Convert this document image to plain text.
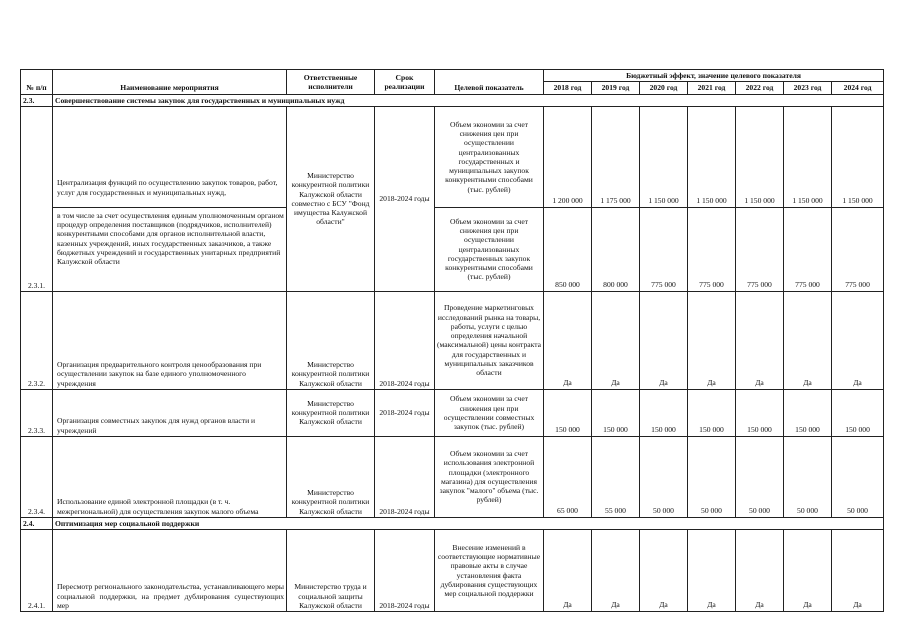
№ п/п	Наименование мероприятия	Ответственные исполнители	Срок реализации	Целевой показатель	Бюджетный эффект, значение целевого показателя						
					2018 год	2019 год	2020 год	2021 год	2022 год	2023 год	2024 год
2.3.	Совершенствование системы закупок для государственных и муниципальных нужд										
2.3.1.	Централизация функций по осуществлению закупок товаров, работ, услуг для государственных и муниципальных нужд,	Министерство конкурентной политики Калужской области совместно с БСУ "Фонд имущества Калужской области"	2018-2024 годы	Объем экономии за счет снижения цен при осуществлении централизованных государственных и муниципальных закупок конкурентными способами (тыс. рублей)	1 200 000	1 175 000	1 150 000	1 150 000	1 150 000	1 150 000	1 150 000
	в том числе за счет осуществления единым уполномоченным органом процедур определения поставщиков (подрядчиков, исполнителей) конкурентными способами для органов исполнительной власти, казенных учреждений, иных государственных заказчиков, а также бюджетных учреждений и государственных унитарных предприятий Калужской области			Объем экономии за счет снижения цен при осуществлении централизованных государственных закупок конкурентными способами (тыс. рублей)	850 000	800 000	775 000	775 000	775 000	775 000	775 000
2.3.2.	Организация предварительного контроля ценообразования при осуществлении закупок на базе единого уполномоченного учреждения	Министерство конкурентной политики Калужской области	2018-2024 годы	Проведение маркетинговых исследований рынка на товары, работы, услуги с целью определения начальной (максимальной) цены контракта для государственных и муниципальных заказчиков области	Да	Да	Да	Да	Да	Да	Да
2.3.3.	Организация совместных закупок для нужд органов власти и учреждений	Министерство конкурентной политики Калужской области	2018-2024 годы	Объем экономии за счет снижения цен при осуществлении совместных закупок (тыс. рублей)	150 000	150 000	150 000	150 000	150 000	150 000	150 000
2.3.4.	Использование единой электронной площадки (в т. ч. межрегиональной) для осуществления закупок малого объема	Министерство конкурентной политики Калужской области	2018-2024 годы	Объем экономии за счет использования электронной площадки (электронного магазина) для осуществления закупок "малого" объема (тыс. рублей)	65 000	55 000	50 000	50 000	50 000	50 000	50 000
2.4.	Оптимизация мер социальной поддержки										
2.4.1.	Пересмотр регионального законодательства, устанавливающего меры социальной поддержки, на предмет дублирования существующих мер	Министерство труда и социальной защиты Калужской области	2018-2024 годы	Внесение изменений в соответствующие нормативные правовые акты в случае установления факта дублирования существующих мер социальной поддержки	Да	Да	Да	Да	Да	Да	Да
